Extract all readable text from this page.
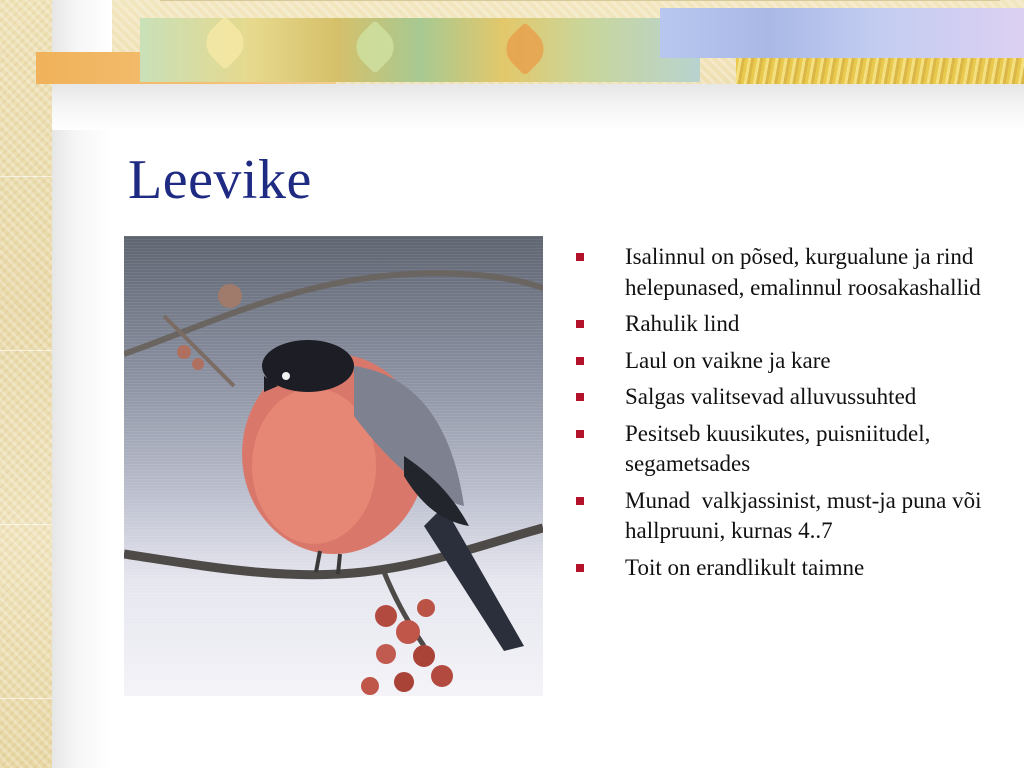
Leevike
Isalinnul on põsed, kurgualune ja rind helepunased, emalinnul roosakashallid
Rahulik lind
Laul on vaikne ja kare
Salgas valitsevad alluvussuhted
Pesitseb kuusikutes, puisniitudel, segametsades
Munad  valkjassinist, must-ja puna või hallpruuni, kurnas 4..7
Toit on erandlikult taimne
